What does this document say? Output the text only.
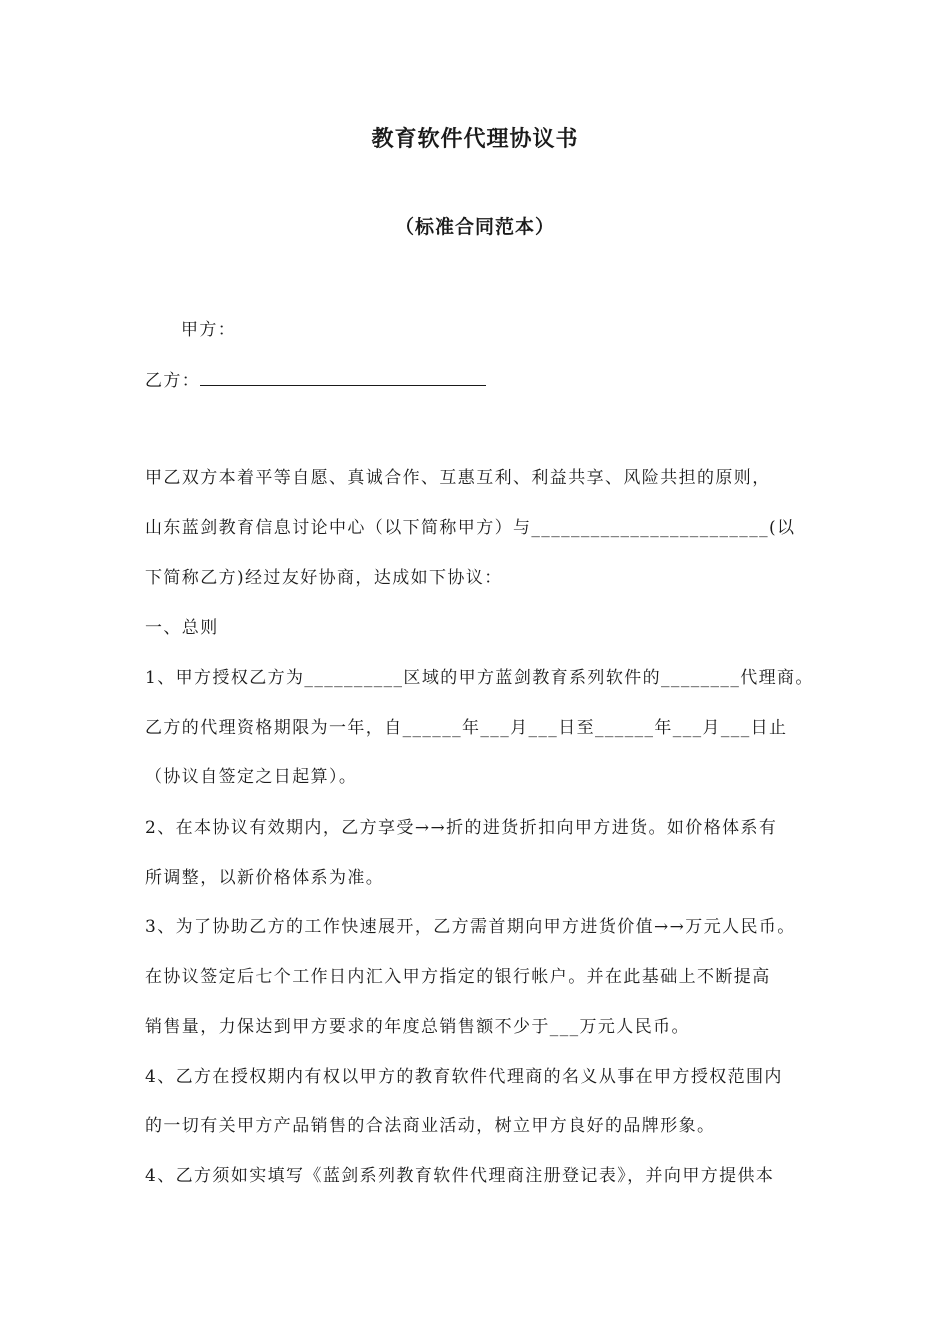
教育软件代理协议书
（标准合同范本）
甲方：
乙方：
甲乙双方本着平等自愿、真诚合作、互惠互利、利益共享、风险共担的原则，
山东蓝剑教育信息讨论中心（以下简称甲方）与________________________(以
下简称乙方)经过友好协商，达成如下协议：
一、总则
1、甲方授权乙方为__________区域的甲方蓝剑教育系列软件的________代理商。
乙方的代理资格期限为一年，自______年___月___日至______年___月___日止
（协议自签定之日起算）。
2、在本协议有效期内，乙方享受→→折的进货折扣向甲方进货。如价格体系有
所调整，以新价格体系为准。
3、为了协助乙方的工作快速展开，乙方需首期向甲方进货价值→→万元人民币。
在协议签定后七个工作日内汇入甲方指定的银行帐户。并在此基础上不断提高
销售量，力保达到甲方要求的年度总销售额不少于___万元人民币。
4、乙方在授权期内有权以甲方的教育软件代理商的名义从事在甲方授权范围内
的一切有关甲方产品销售的合法商业活动，树立甲方良好的品牌形象。
4、乙方须如实填写《蓝剑系列教育软件代理商注册登记表》，并向甲方提供本
